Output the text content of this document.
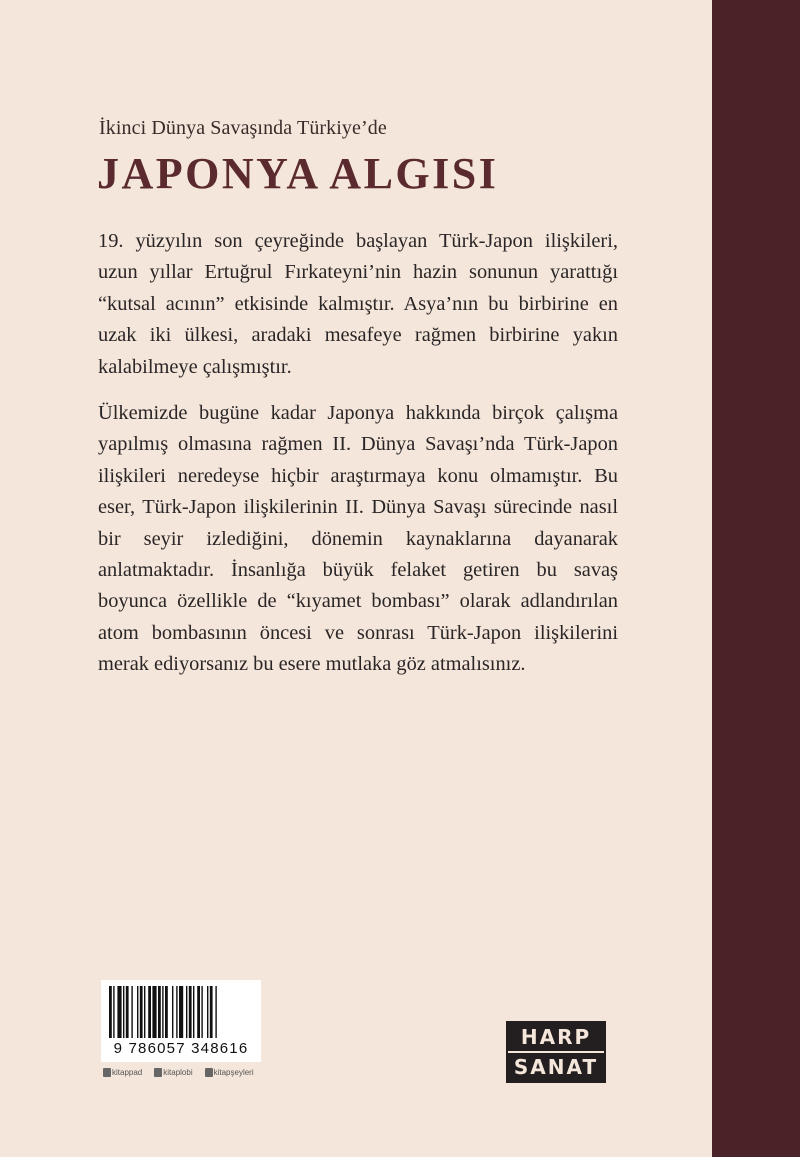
İkinci Dünya Savaşında Türkiye’de
JAPONYA ALGISI

19. yüzyılın son çeyreğinde başlayan Türk-Japon ilişkileri, uzun yıllar Ertuğrul Fırkateyni’nin hazin sonunun yarattığı “kutsal acının” etkisinde kalmıştır. Asya’nın bu birbirine en uzak iki ülkesi, aradaki mesafeye rağmen birbirine yakın kalabilmeye çalışmıştır.

Ülkemizde bugüne kadar Japonya hakkında birçok çalışma yapılmış olmasına rağmen II. Dünya Savaşı’nda Türk-Japon ilişkileri neredeyse hiçbir araştırmaya konu olmamıştır. Bu eser, Türk-Japon ilişkilerinin II. Dünya Savaşı sürecinde nasıl bir seyir izlediğini, dönemin kaynaklarına dayanarak anlatmaktadır. İnsanlığa büyük felaket getiren bu savaş boyunca özellikle de “kıyamet bombası” olarak adlandırılan atom bombasının öncesi ve sonrası Türk-Japon ilişkilerini merak ediyorsanız bu esere mutlaka göz atmalısınız.

9 786057 348616
kitappad	kitaplobi	kitapşeyleri
HARP
SANAT
